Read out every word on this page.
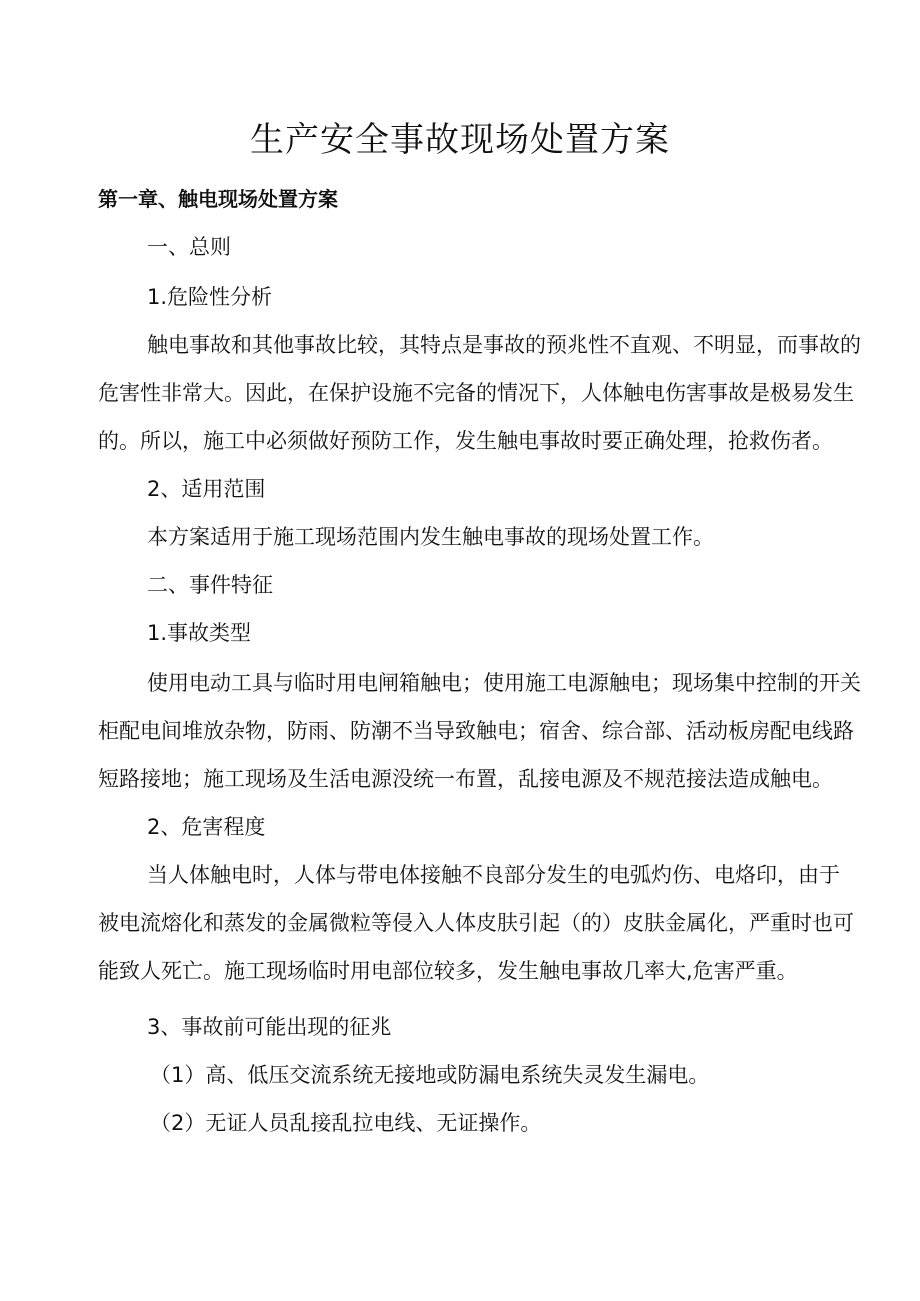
生产安全事故现场处置方案

第一章、触电现场处置方案

一、总则

1.危险性分析

触电事故和其他事故比较，其特点是事故的预兆性不直观、不明显，而事故的

危害性非常大。因此，在保护设施不完备的情况下，人体触电伤害事故是极易发生

的。所以，施工中必须做好预防工作，发生触电事故时要正确处理，抢救伤者。

2、适用范围

本方案适用于施工现场范围内发生触电事故的现场处置工作。

二、事件特征

1.事故类型

使用电动工具与临时用电闸箱触电；使用施工电源触电；现场集中控制的开关

柜配电间堆放杂物，防雨、防潮不当导致触电；宿舍、综合部、活动板房配电线路

短路接地；施工现场及生活电源没统一布置，乱接电源及不规范接法造成触电。

2、危害程度

当人体触电时，人体与带电体接触不良部分发生的电弧灼伤、电烙印，由于

被电流熔化和蒸发的金属微粒等侵入人体皮肤引起（的）皮肤金属化，严重时也可

能致人死亡。施工现场临时用电部位较多，发生触电事故几率大,危害严重。

3、事故前可能出现的征兆

（1）高、低压交流系统无接地或防漏电系统失灵发生漏电。

（2）无证人员乱接乱拉电线、无证操作。
